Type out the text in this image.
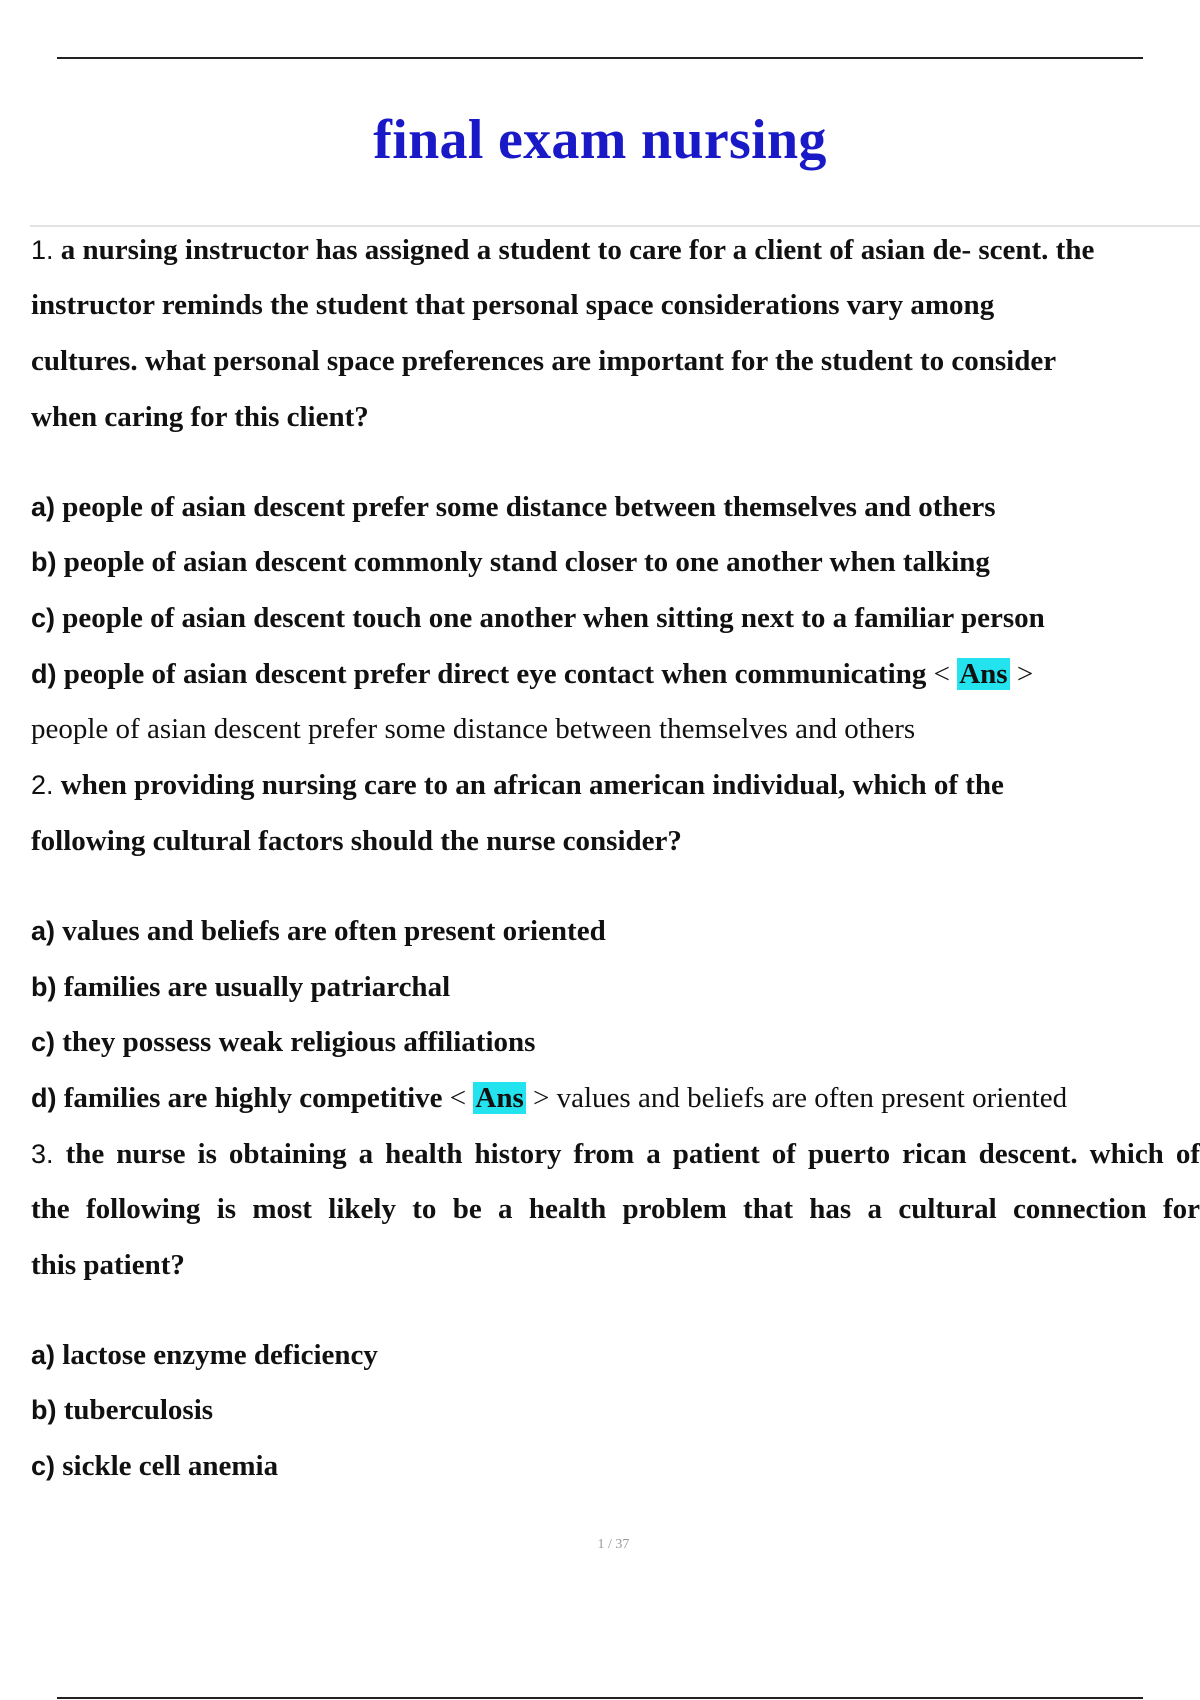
final exam nursing
1. a nursing instructor has assigned a student to care for a client of asian de- scent. the
instructor reminds the student that personal space considerations vary among
cultures. what personal space preferences are important for the student to consider
when caring for this client?
a) people of asian descent prefer some distance between themselves and others
b) people of asian descent commonly stand closer to one another when talking
c) people of asian descent touch one another when sitting next to a familiar person
d) people of asian descent prefer direct eye contact when communicating < Ans >
people of asian descent prefer some distance between themselves and others
2. when providing nursing care to an african american individual, which of the
following cultural factors should the nurse consider?
a) values and beliefs are often present oriented
b) families are usually patriarchal
c) they possess weak religious affiliations
d) families are highly competitive < Ans > values and beliefs are often present oriented
3. the nurse is obtaining a health history from a patient of puerto rican descent. which of
the following is most likely to be a health problem that has a cultural connection for
this patient?
a) lactose enzyme deficiency
b) tuberculosis
c) sickle cell anemia
1 / 37
